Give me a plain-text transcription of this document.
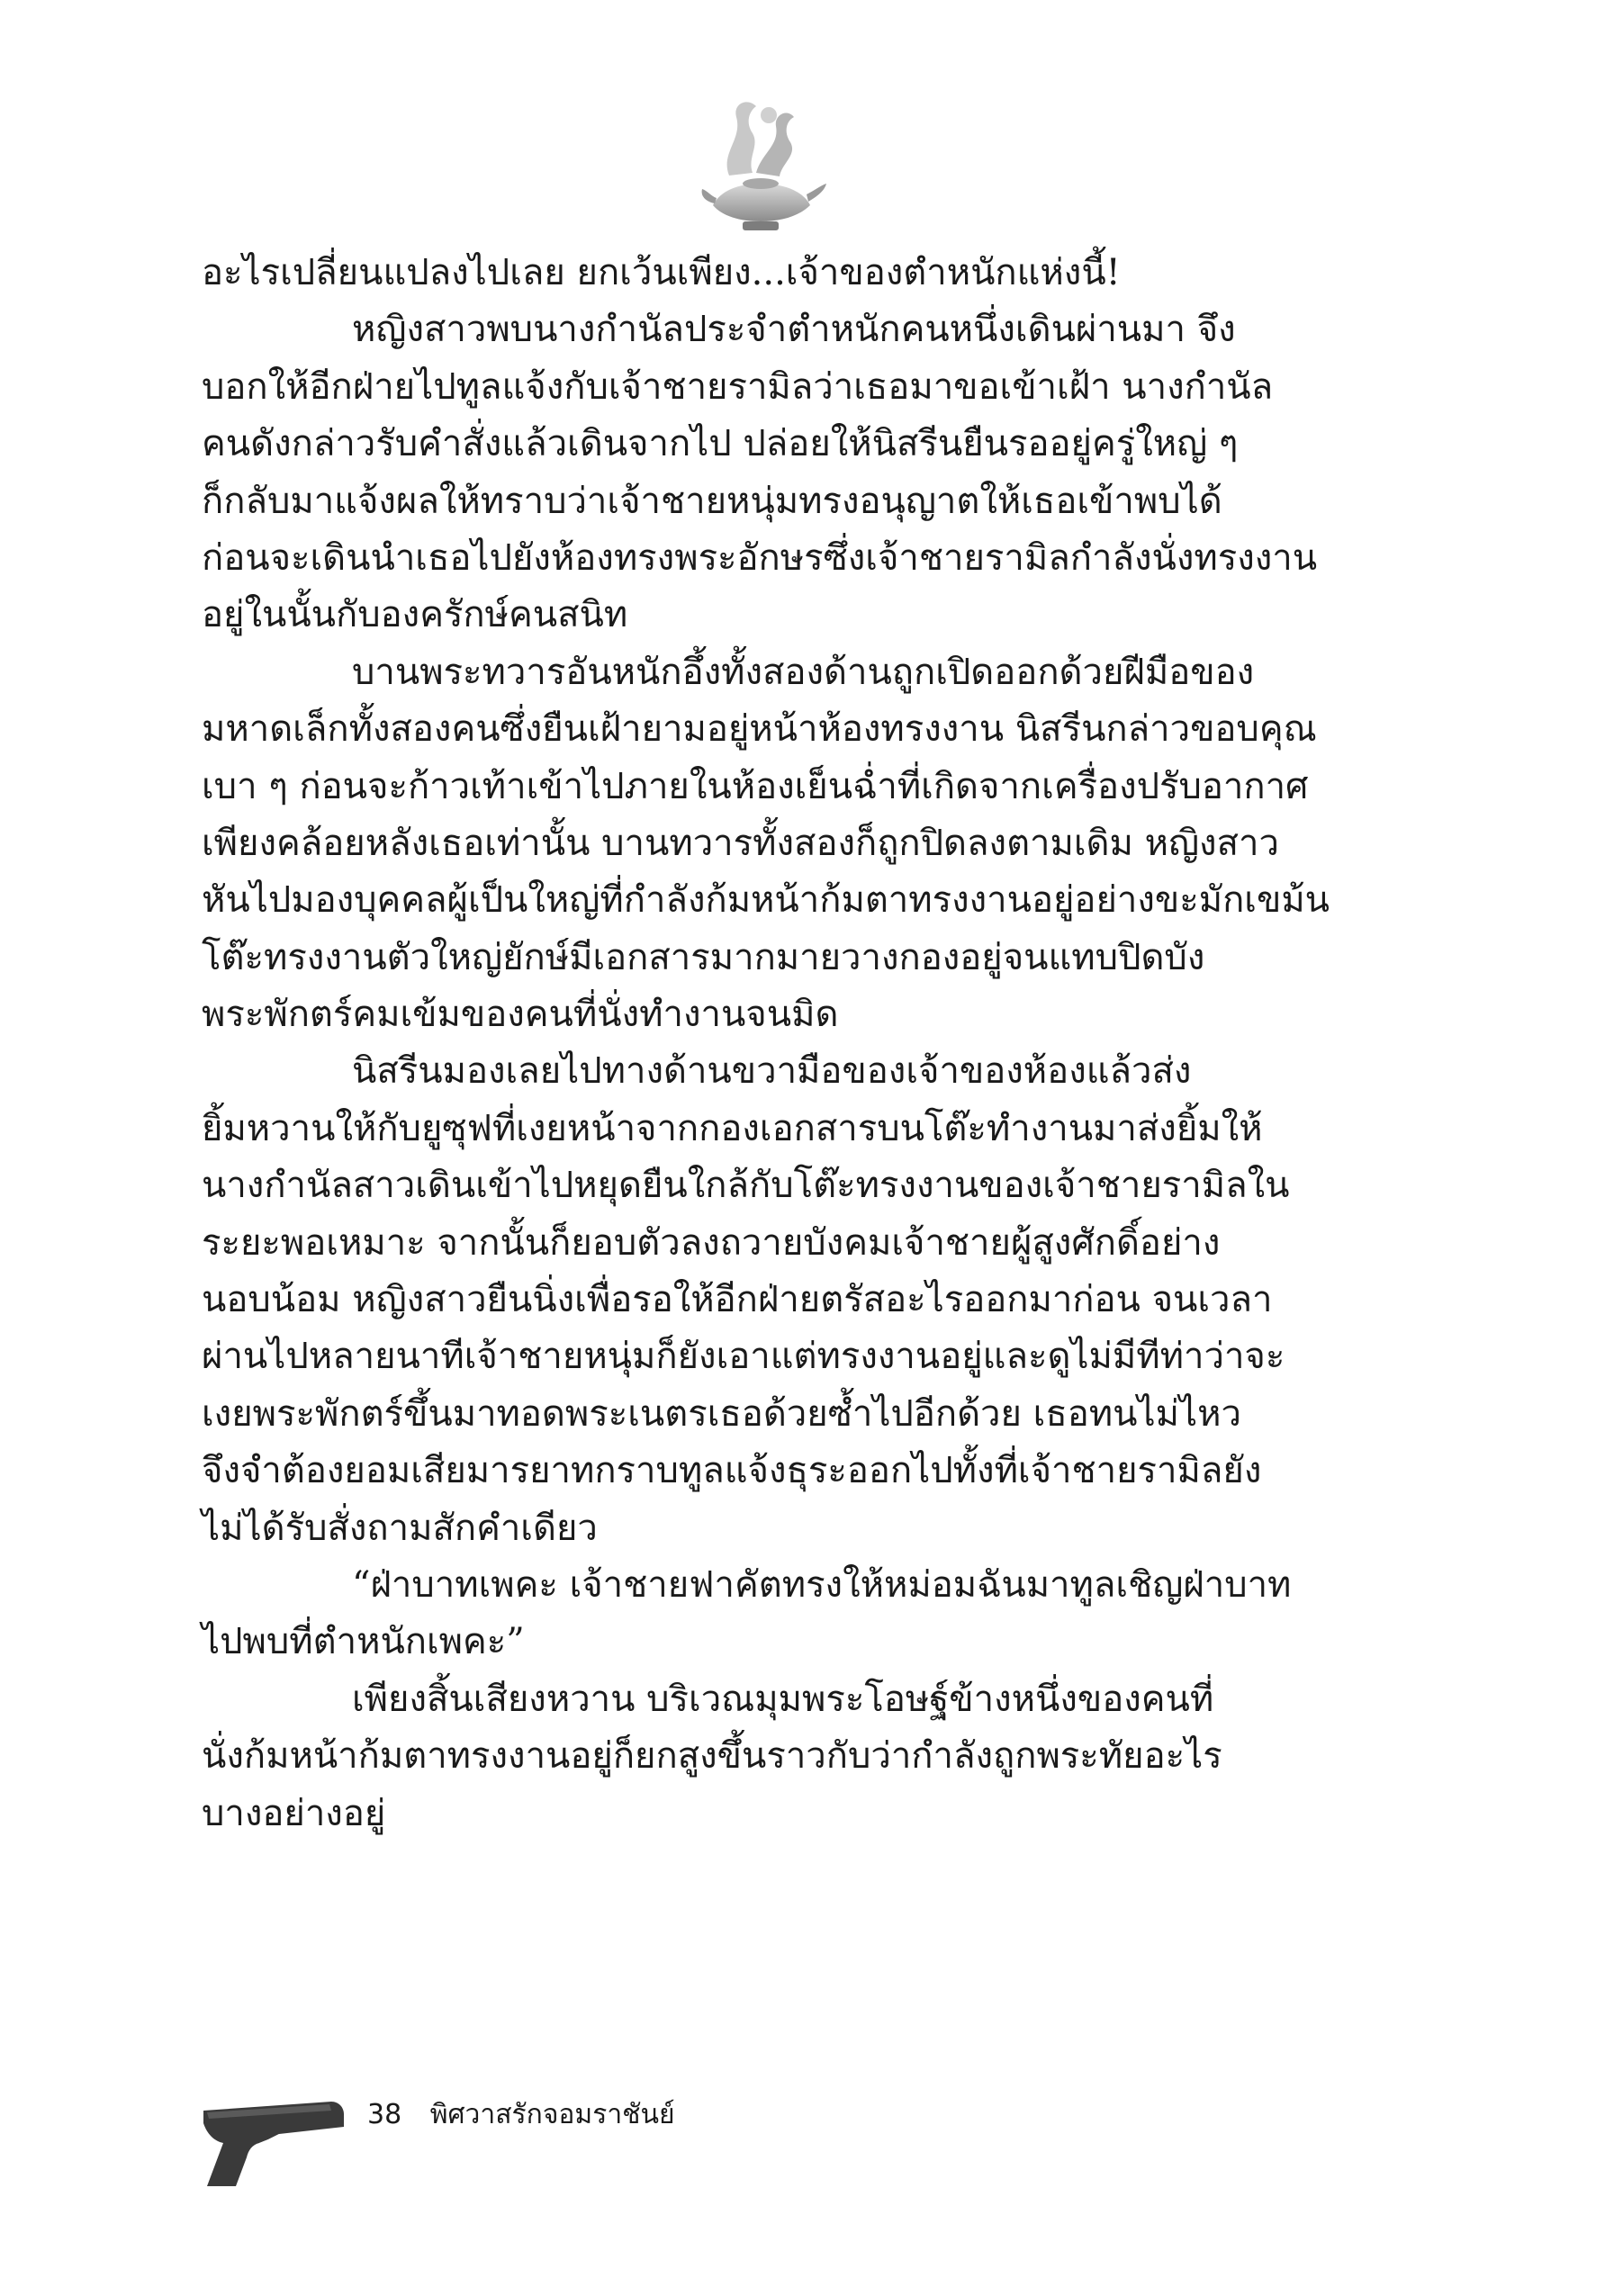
อะไรเปลี่ยนแปลงไปเลย ยกเว้นเพียง...เจ้าของตำหนักแห่งนี้!
หญิงสาวพบนางกำนัลประจำตำหนักคนหนึ่งเดินผ่านมา จึง
บอกให้อีกฝ่ายไปทูลแจ้งกับเจ้าชายรามิลว่าเธอมาขอเข้าเฝ้า นางกำนัล
คนดังกล่าวรับคำสั่งแล้วเดินจากไป ปล่อยให้นิสรีนยืนรออยู่ครู่ใหญ่ ๆ
ก็กลับมาแจ้งผลให้ทราบว่าเจ้าชายหนุ่มทรงอนุญาตให้เธอเข้าพบได้
ก่อนจะเดินนำเธอไปยังห้องทรงพระอักษรซึ่งเจ้าชายรามิลกำลังนั่งทรงงาน
อยู่ในนั้นกับองครักษ์คนสนิท
บานพระทวารอันหนักอึ้งทั้งสองด้านถูกเปิดออกด้วยฝีมือของ
มหาดเล็กทั้งสองคนซึ่งยืนเฝ้ายามอยู่หน้าห้องทรงงาน นิสรีนกล่าวขอบคุณ
เบา ๆ ก่อนจะก้าวเท้าเข้าไปภายในห้องเย็นฉ่ำที่เกิดจากเครื่องปรับอากาศ
เพียงคล้อยหลังเธอเท่านั้น บานทวารทั้งสองก็ถูกปิดลงตามเดิม หญิงสาว
หันไปมองบุคคลผู้เป็นใหญ่ที่กำลังก้มหน้าก้มตาทรงงานอยู่อย่างขะมักเขม้น
โต๊ะทรงงานตัวใหญ่ยักษ์มีเอกสารมากมายวางกองอยู่จนแทบปิดบัง
พระพักตร์คมเข้มของคนที่นั่งทำงานจนมิด
นิสรีนมองเลยไปทางด้านขวามือของเจ้าของห้องแล้วส่ง
ยิ้มหวานให้กับยูซุฟที่เงยหน้าจากกองเอกสารบนโต๊ะทำงานมาส่งยิ้มให้
นางกำนัลสาวเดินเข้าไปหยุดยืนใกล้กับโต๊ะทรงงานของเจ้าชายรามิลใน
ระยะพอเหมาะ จากนั้นก็ยอบตัวลงถวายบังคมเจ้าชายผู้สูงศักดิ์อย่าง
นอบน้อม หญิงสาวยืนนิ่งเพื่อรอให้อีกฝ่ายตรัสอะไรออกมาก่อน จนเวลา
ผ่านไปหลายนาทีเจ้าชายหนุ่มก็ยังเอาแต่ทรงงานอยู่และดูไม่มีทีท่าว่าจะ
เงยพระพักตร์ขึ้นมาทอดพระเนตรเธอด้วยซ้ำไปอีกด้วย เธอทนไม่ไหว
จึงจำต้องยอมเสียมารยาทกราบทูลแจ้งธุระออกไปทั้งที่เจ้าชายรามิลยัง
ไม่ได้รับสั่งถามสักคำเดียว
“ฝ่าบาทเพคะ เจ้าชายฟาคัตทรงให้หม่อมฉันมาทูลเชิญฝ่าบาท
ไปพบที่ตำหนักเพคะ”
เพียงสิ้นเสียงหวาน บริเวณมุมพระโอษฐ์ข้างหนึ่งของคนที่
นั่งก้มหน้าก้มตาทรงงานอยู่ก็ยกสูงขึ้นราวกับว่ากำลังถูกพระทัยอะไร
บางอย่างอยู่
38 พิศวาสรักจอมราชันย์
